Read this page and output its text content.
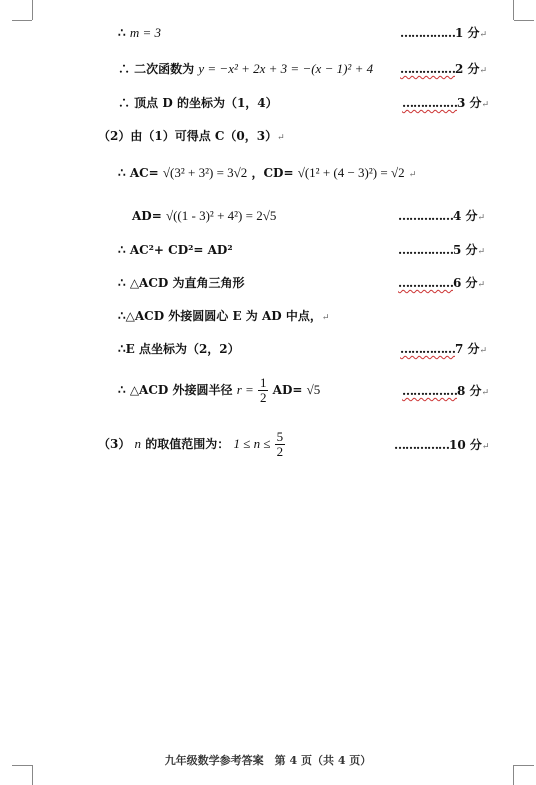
∴ m = 3	……………1 分↵
∴ 二次函数为 y = −x² + 2x + 3 = −(x − 1)² + 4 ……………2 分↵
∴ 顶点 D 的坐标为（1，4）	……………3 分↵
（2）由（1）可得点 C（0，3）↵
∴ AC= √(3² + 3²) = 3√2 ，CD= √(1² + (4 − 3)²) = √2 ↵
AD= √((1 - 3)² + 4²) = 2√5	……………4 分↵
∴ AC²+ CD²= AD²	……………5 分↵
∴ △ACD 为直角三角形	……………6 分↵
∴△ACD 外接圆圆心 E 为 AD 中点，↵
∴E 点坐标为（2，2）	……………7 分↵
∴ △ACD 外接圆半径 $r = \frac{1}{2} AD= √5$	……………8 分↵
（3） n 的取值范围为： $1 \le n \le \frac{5}{2}$	……………10 分↵
九年级数学参考答案　第 4 页（共 4 页）
